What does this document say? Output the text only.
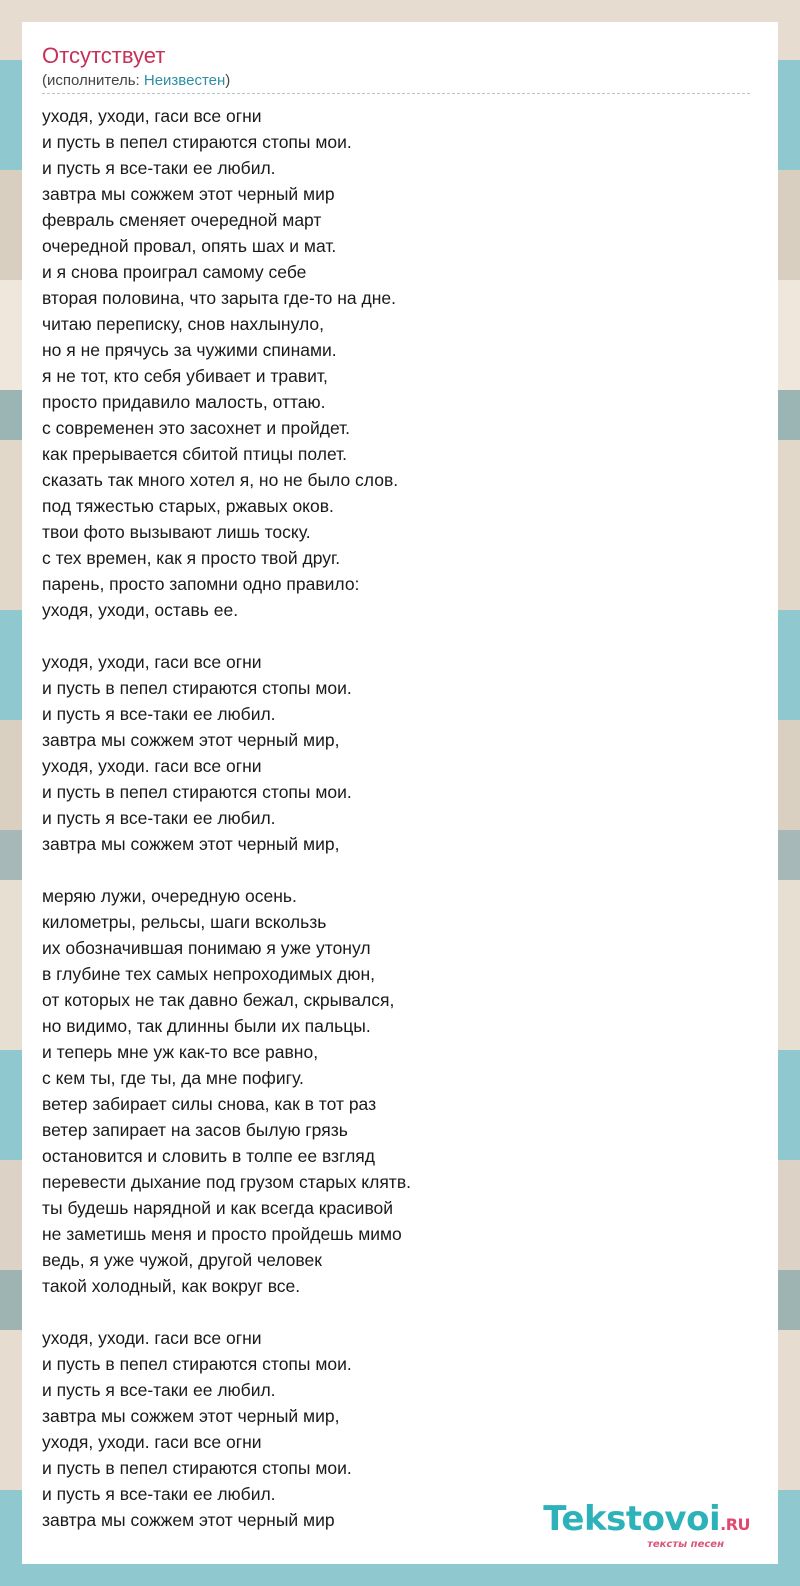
Отсутствует
(исполнитель: Неизвестен)
уходя, уходи, гаси все огни
и пусть в пепел стираются стопы мои.
и пусть я все-таки ее любил.
завтра мы сожжем этот черный мир
февраль сменяет очередной март
очередной провал, опять шах и мат.
и я снова проиграл самому себе
вторая половина, что зарыта где-то на дне.
читаю переписку, снов нахлынуло,
но я не прячусь за чужими спинами.
я не тот, кто себя убивает и травит,
просто придавило малость, оттаю.
с современен это засохнет и пройдет.
как прерывается сбитой птицы полет.
сказать так много хотел я, но не было слов.
под тяжестью старых, ржавых оков.
твои фото вызывают лишь тоску.
с тех времен, как я просто твой друг.
парень, просто запомни одно правило:
уходя, уходи, оставь ее.

уходя, уходи, гаси все огни
и пусть в пепел стираются стопы мои.
и пусть я все-таки ее любил.
завтра мы сожжем этот черный мир,
уходя, уходи. гаси все огни
и пусть в пепел стираются стопы мои.
и пусть я все-таки ее любил.
завтра мы сожжем этот черный мир,

меряю лужи, очередную осень.
километры, рельсы, шаги вскользь
их обозначившая понимаю я уже утонул
в глубине тех самых непроходимых дюн,
от которых не так давно бежал, скрывался,
но видимо, так длинны были их пальцы.
и теперь мне уж как-то все равно,
с кем ты, где ты, да мне пофигу.
ветер забирает силы снова, как в тот раз
ветер запирает на засов былую грязь
остановится и словить в толпе ее взгляд
перевести дыхание под грузом старых клятв.
ты будешь нарядной и как всегда красивой
не заметишь меня и просто пройдешь мимо
ведь, я уже чужой, другой человек
такой холодный, как вокруг все.

уходя, уходи. гаси все огни
и пусть в пепел стираются стопы мои.
и пусть я все-таки ее любил.
завтра мы сожжем этот черный мир,
уходя, уходи. гаси все огни
и пусть в пепел стираются стопы мои.
и пусть я все-таки ее любил.
завтра мы сожжем этот черный мир	Tekstovoi.RU
тексты песен
